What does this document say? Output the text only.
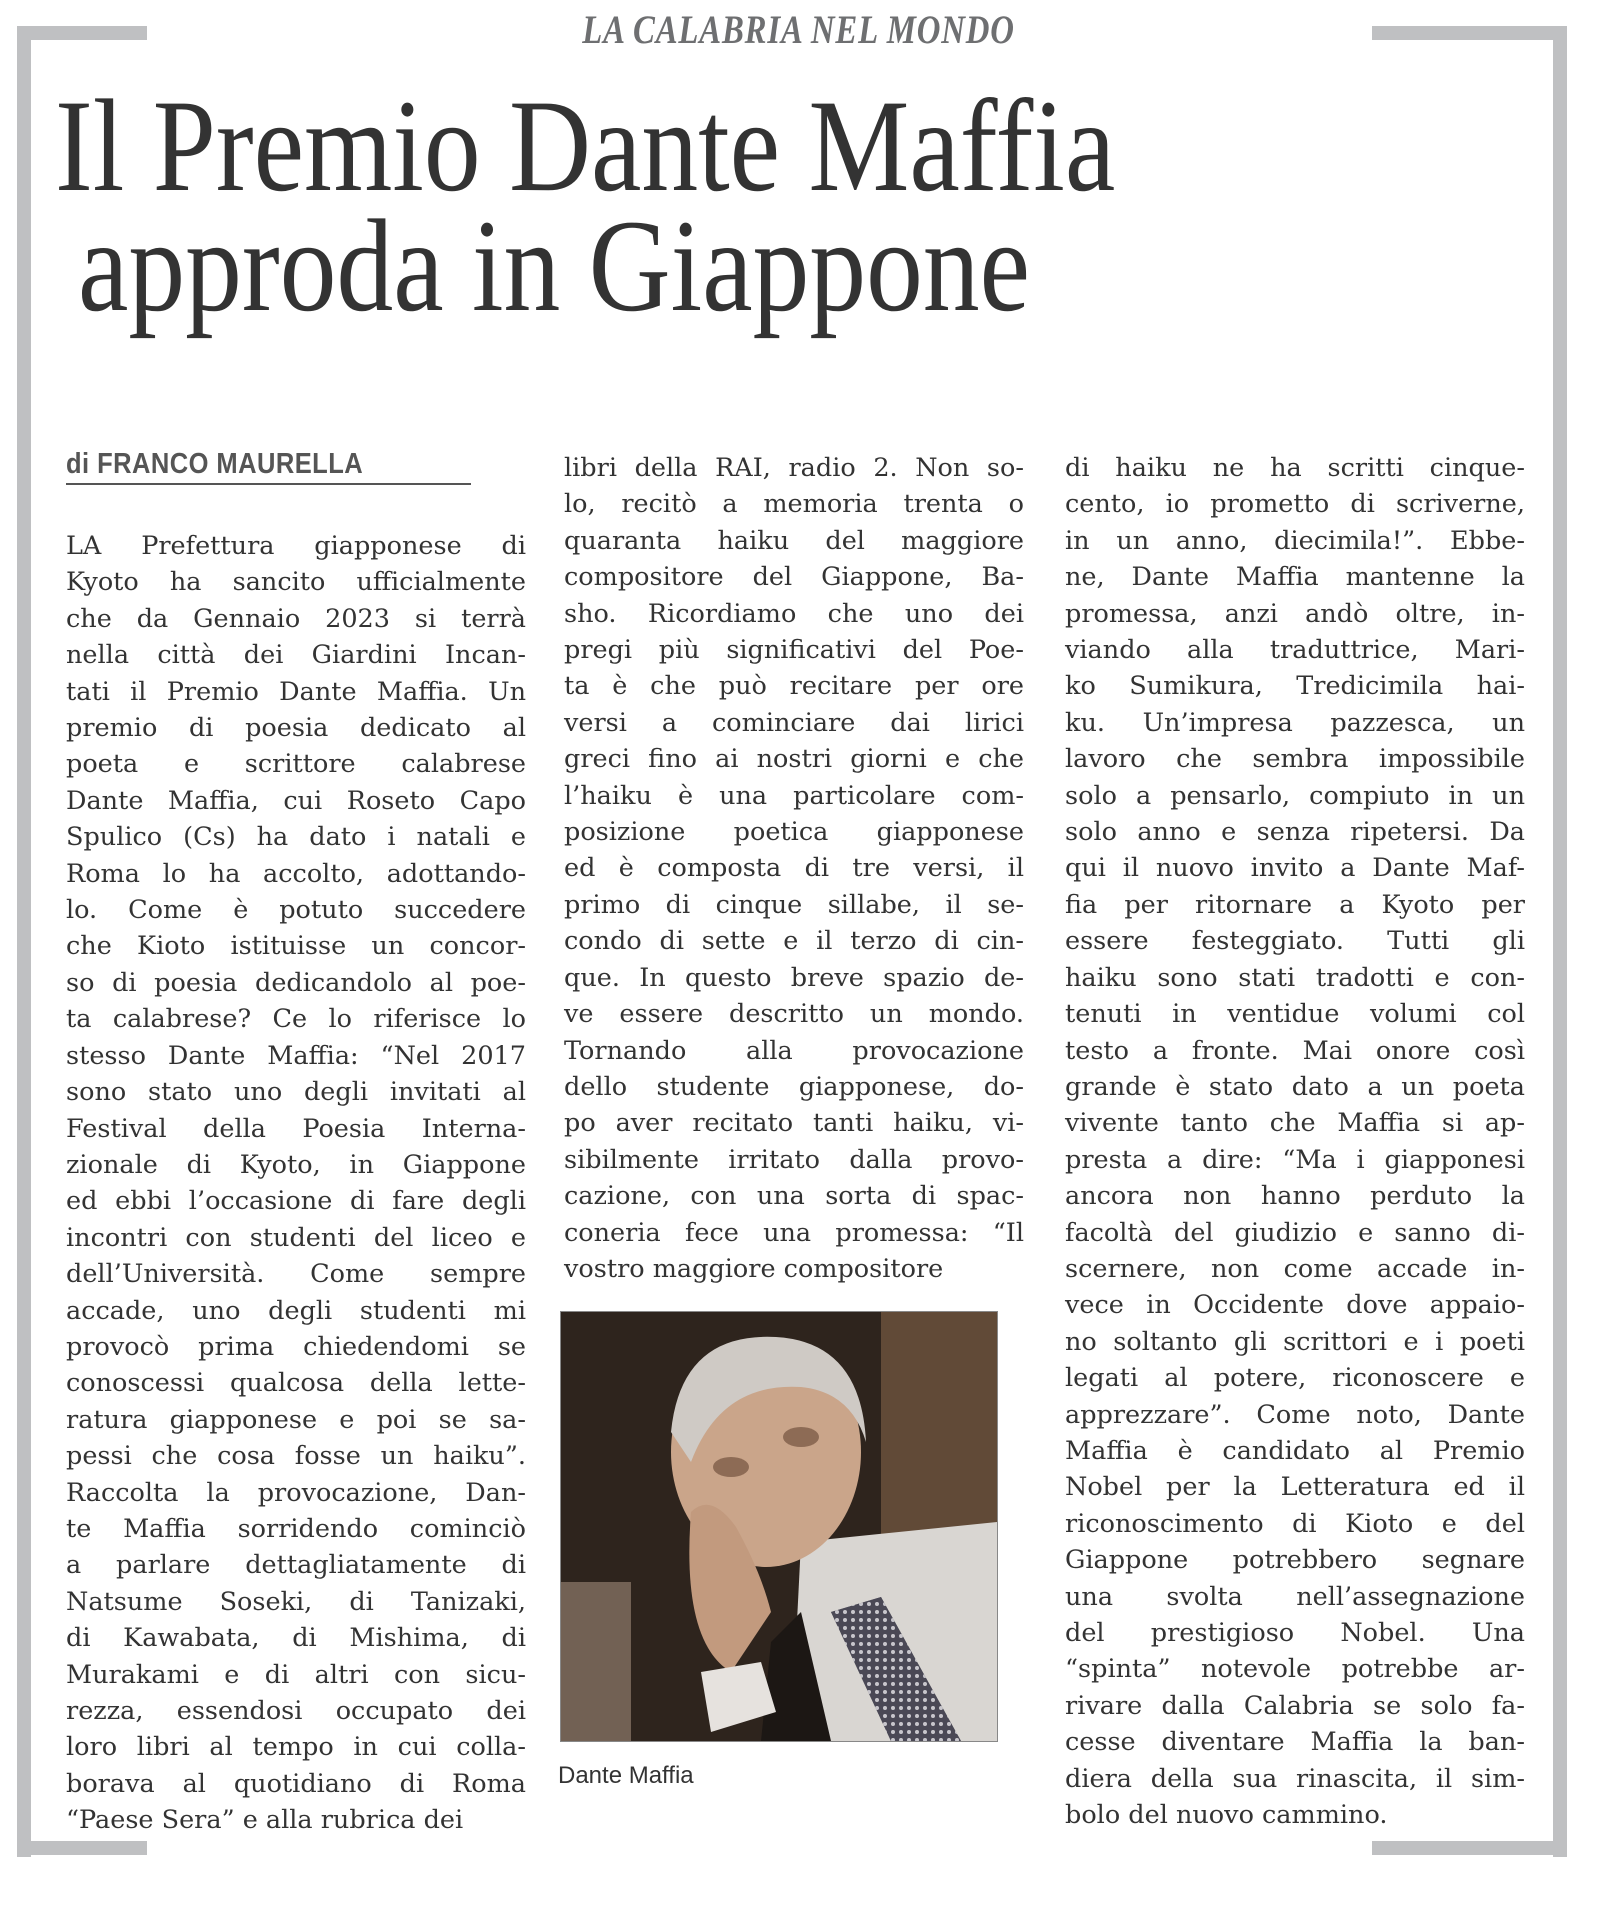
LA CALABRIA NEL MONDO
Il Premio Dante Maffia
approda in Giappone
di FRANCO MAURELLA
LA Prefettura giapponese di
Kyoto ha sancito ufficialmente
che da Gennaio 2023 si terrà
nella città dei Giardini Incan-
tati il Premio Dante Maffia. Un
premio di poesia dedicato al
poeta e scrittore calabrese
Dante Maffia, cui Roseto Capo
Spulico (Cs) ha dato i natali e
Roma lo ha accolto, adottando-
lo. Come è potuto succedere
che Kioto istituisse un concor-
so di poesia dedicandolo al poe-
ta calabrese? Ce lo riferisce lo
stesso Dante Maffia: “Nel 2017
sono stato uno degli invitati al
Festival della Poesia Interna-
zionale di Kyoto, in Giappone
ed ebbi l’occasione di fare degli
incontri con studenti del liceo e
dell’Università. Come sempre
accade, uno degli studenti mi
provocò prima chiedendomi se
conoscessi qualcosa della lette-
ratura giapponese e poi se sa-
pessi che cosa fosse un haiku”.
Raccolta la provocazione, Dan-
te Maffia sorridendo cominciò
a parlare dettagliatamente di
Natsume Soseki, di Tanizaki,
di Kawabata, di Mishima, di
Murakami e di altri con sicu-
rezza, essendosi occupato dei
loro libri al tempo in cui colla-
borava al quotidiano di Roma
“Paese Sera” e alla rubrica dei
libri della RAI, radio 2. Non so-
lo, recitò a memoria trenta o
quaranta haiku del maggiore
compositore del Giappone, Ba-
sho. Ricordiamo che uno dei
pregi più significativi del Poe-
ta è che può recitare per ore
versi a cominciare dai lirici
greci fino ai nostri giorni e che
l’haiku è una particolare com-
posizione poetica giapponese
ed è composta di tre versi, il
primo di cinque sillabe, il se-
condo di sette e il terzo di cin-
que. In questo breve spazio de-
ve essere descritto un mondo.
Tornando alla provocazione
dello studente giapponese, do-
po aver recitato tanti haiku, vi-
sibilmente irritato dalla provo-
cazione, con una sorta di spac-
coneria fece una promessa: “Il
vostro maggiore compositore
di haiku ne ha scritti cinque-
cento, io prometto di scriverne,
in un anno, diecimila!”. Ebbe-
ne, Dante Maffia mantenne la
promessa, anzi andò oltre, in-
viando alla traduttrice, Mari-
ko Sumikura, Tredicimila hai-
ku. Un’impresa pazzesca, un
lavoro che sembra impossibile
solo a pensarlo, compiuto in un
solo anno e senza ripetersi. Da
qui il nuovo invito a Dante Maf-
fia per ritornare a Kyoto per
essere festeggiato. Tutti gli
haiku sono stati tradotti e con-
tenuti in ventidue volumi col
testo a fronte. Mai onore così
grande è stato dato a un poeta
vivente tanto che Maffia si ap-
presta a dire: “Ma i giapponesi
ancora non hanno perduto la
facoltà del giudizio e sanno di-
scernere, non come accade in-
vece in Occidente dove appaio-
no soltanto gli scrittori e i poeti
legati al potere, riconoscere e
apprezzare”. Come noto, Dante
Maffia è candidato al Premio
Nobel per la Letteratura ed il
riconoscimento di Kioto e del
Giappone potrebbero segnare
una svolta nell’assegnazione
del prestigioso Nobel. Una
“spinta” notevole potrebbe ar-
rivare dalla Calabria se solo fa-
cesse diventare Maffia la ban-
diera della sua rinascita, il sim-
bolo del nuovo cammino.
Dante Maffia
